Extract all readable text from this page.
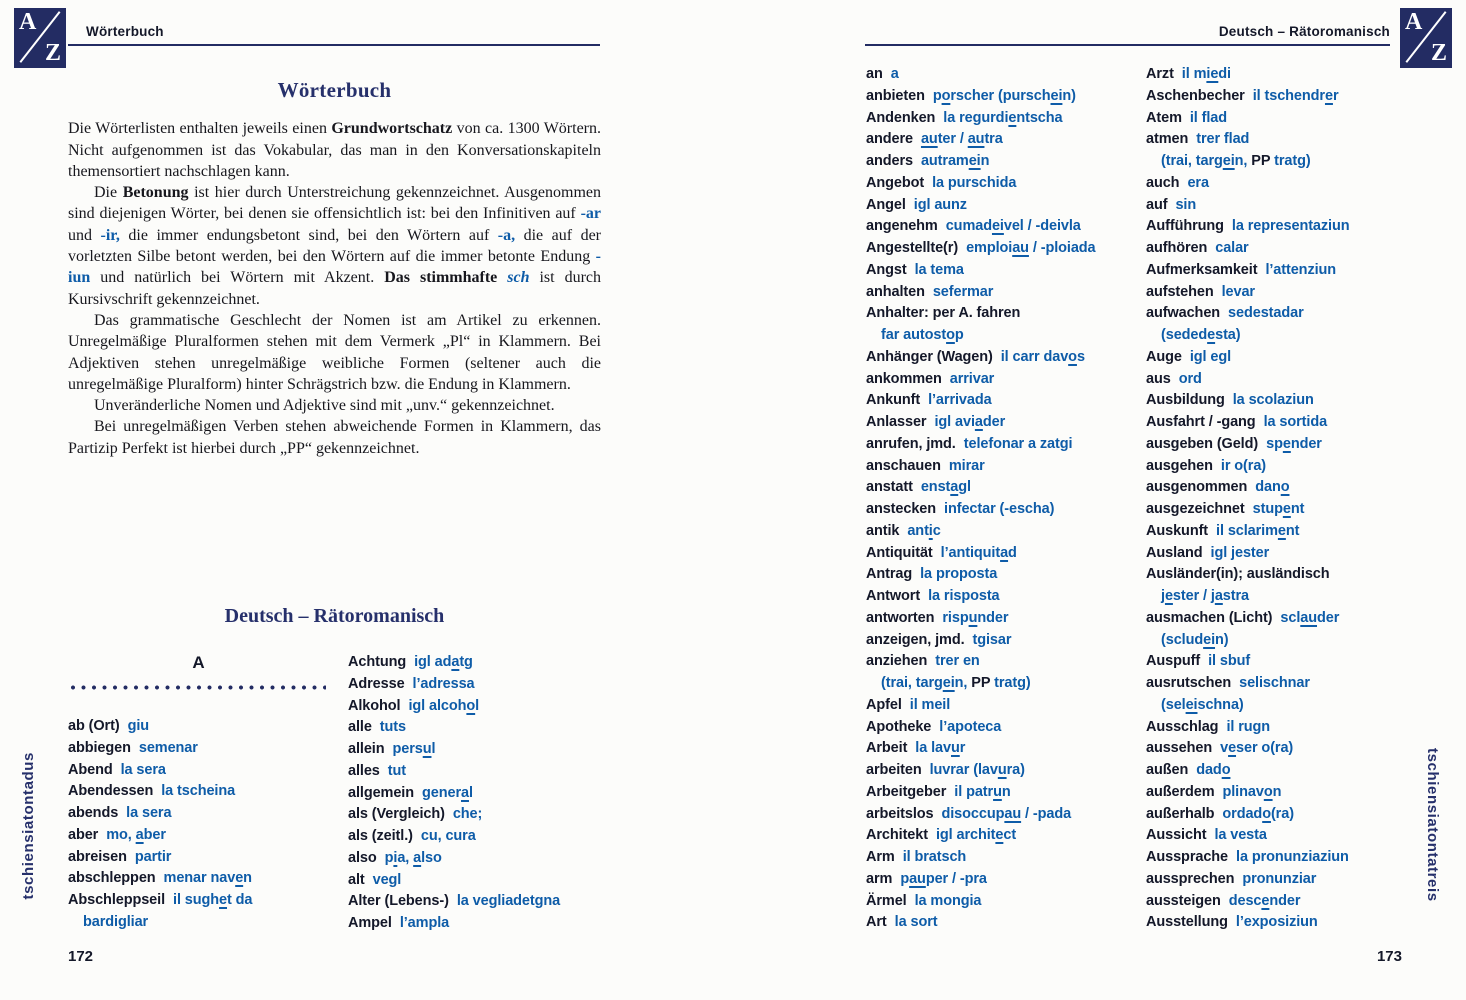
A
Z
A
Z
Wörterbuch	Deutsch – Rätoromanisch
Wörterbuch

Die Wörterlisten enthalten jeweils einen Grundwortschatz von ca. 1300 Wörtern. Nicht aufgenommen ist das Vokabular, das man in den Konversationskapiteln themensortiert nachschlagen kann.

Die Betonung ist hier durch Unterstreichung gekennzeichnet. Ausgenommen sind diejenigen Wörter, bei denen sie offensichtlich ist: bei den Infinitiven auf -ar und -ir, die immer endungsbetont sind, bei den Wörtern auf -a, die auf der vorletzten Silbe betont werden, bei den Wörtern auf die immer betonte Endung -iun und natürlich bei Wörtern mit Akzent. Das stimmhafte sch ist durch Kursivschrift gekennzeichnet.

Das grammatische Geschlecht der Nomen ist am Artikel zu erkennen. Unregelmäßige Pluralformen stehen mit dem Vermerk „Pl“ in Klammern. Bei Adjektiven stehen unregelmäßige weibliche Formen (seltener auch die unregelmäßige Pluralform) hinter Schrägstrich bzw. die Endung in Klammern.

Unveränderliche Nomen und Adjektive sind mit „unv.“ gekennzeichnet.

Bei unregelmäßigen Verben stehen abweichende Formen in Klammern, das Partizip Perfekt ist hierbei durch „PP“ gekennzeichnet.

Deutsch – Rätoromanisch
A
ab (Ort) giu
abbiegen semenar
Abend la sera
Abendessen la tscheina
abends la sera
aber mo, aber
abreisen partir
abschleppen menar naven
Abschleppseil il sughet da
bardigliar
Achtung igl adatg
Adresse l’adressa
Alkohol igl alcohol
alle tuts
allein persul
alles tut
allgemein general
als (Vergleich) che;
als (zeitl.) cu, cura
also pia, also
alt vegl
Alter (Lebens-) la vegliadetgna
Ampel l’ampla
an a
anbieten porscher (purschein)
Andenken la regurdientscha
andere auter / autra
anders autramein
Angebot la purschida
Angel igl aunz
angenehm cumadeivel / -deivla
Angestellte(r) emploiau / -ploiada
Angst la tema
anhalten sefermar
Anhalter: per A. fahren
far autostop
Anhänger (Wagen) il carr davos
ankommen arrivar
Ankunft l’arrivada
Anlasser igl aviader
anrufen, jmd. telefonar a zatgi
anschauen mirar
anstatt enstagl
anstecken infectar (-escha)
antik antic
Antiquität l’antiquitad
Antrag la proposta
Antwort la risposta
antworten rispunder
anzeigen, jmd. tgisar
anziehen trer en
(trai, targein, PP tratg)
Apfel il meil
Apotheke l’apoteca
Arbeit la lavur
arbeiten luvrar (lavura)
Arbeitgeber il patrun
arbeitslos disoccupau / -pada
Architekt igl architect
Arm il bratsch
arm pauper / -pra
Ärmel la mongia
Art la sort
Arzt il miedi
Aschenbecher il tschendrer
Atem il flad
atmen trer flad
(trai, targein, PP tratg)
auch era
auf sin
Aufführung la representaziun
aufhören calar
Aufmerksamkeit l’attenziun
aufstehen levar
aufwachen sedestadar
(sededesta)
Auge igl egl
aus ord
Ausbildung la scolaziun
Ausfahrt / -gang la sortida
ausgeben (Geld) spender
ausgehen ir o(ra)
ausgenommen dano
ausgezeichnet stupent
Auskunft il sclariment
Ausland igl jester
Ausländer(in); ausländisch
jester / jastra
ausmachen (Licht) sclauder
(scludein)
Auspuff il sbuf
ausrutschen selischnar
(seleischna)
Ausschlag il rugn
aussehen veser o(ra)
außen dado
außerdem plinavon
außerhalb ordado(ra)
Aussicht la vesta
Aussprache la pronunziaziun
aussprechen pronunziar
aussteigen descender
Ausstellung l’exposiziun
tschiensiatontadus	tschiensiatontatreis
172	173
